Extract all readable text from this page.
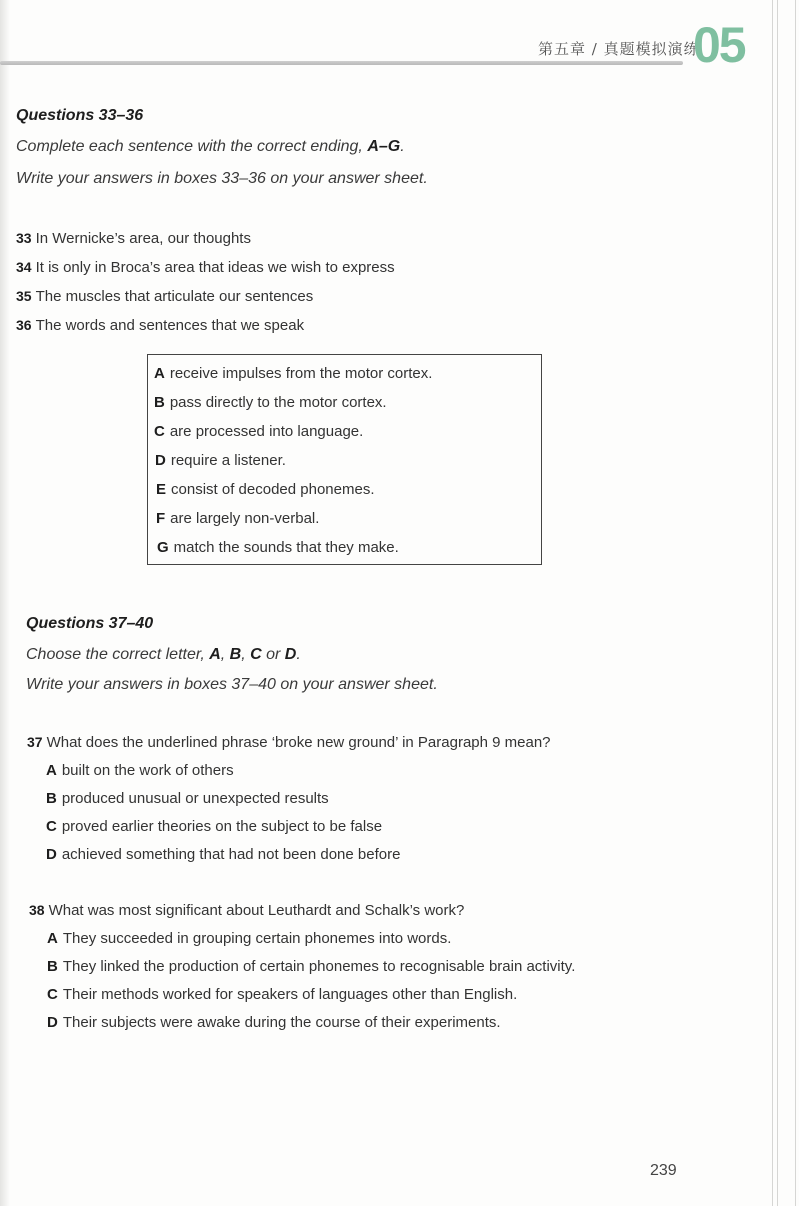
第五章 / 真题模拟演练
05
Questions 33–36
Complete each sentence with the correct ending, A–G.
Write your answers in boxes 33–36 on your answer sheet.
33 In Wernicke’s area, our thoughts
34 It is only in Broca’s area that ideas we wish to express
35 The muscles that articulate our sentences
36 The words and sentences that we speak
A receive impulses from the motor cortex.
B pass directly to the motor cortex.
C are processed into language.
D require a listener.
E consist of decoded phonemes.
F are largely non-verbal.
G match the sounds that they make.
Questions 37–40
Choose the correct letter, A, B, C or D.
Write your answers in boxes 37–40 on your answer sheet.
37 What does the underlined phrase ‘broke new ground’ in Paragraph 9 mean?
A built on the work of others
B produced unusual or unexpected results
C proved earlier theories on the subject to be false
D achieved something that had not been done before
38 What was most significant about Leuthardt and Schalk’s work?
A They succeeded in grouping certain phonemes into words.
B They linked the production of certain phonemes to recognisable brain activity.
C Their methods worked for speakers of languages other than English.
D Their subjects were awake during the course of their experiments.
239
